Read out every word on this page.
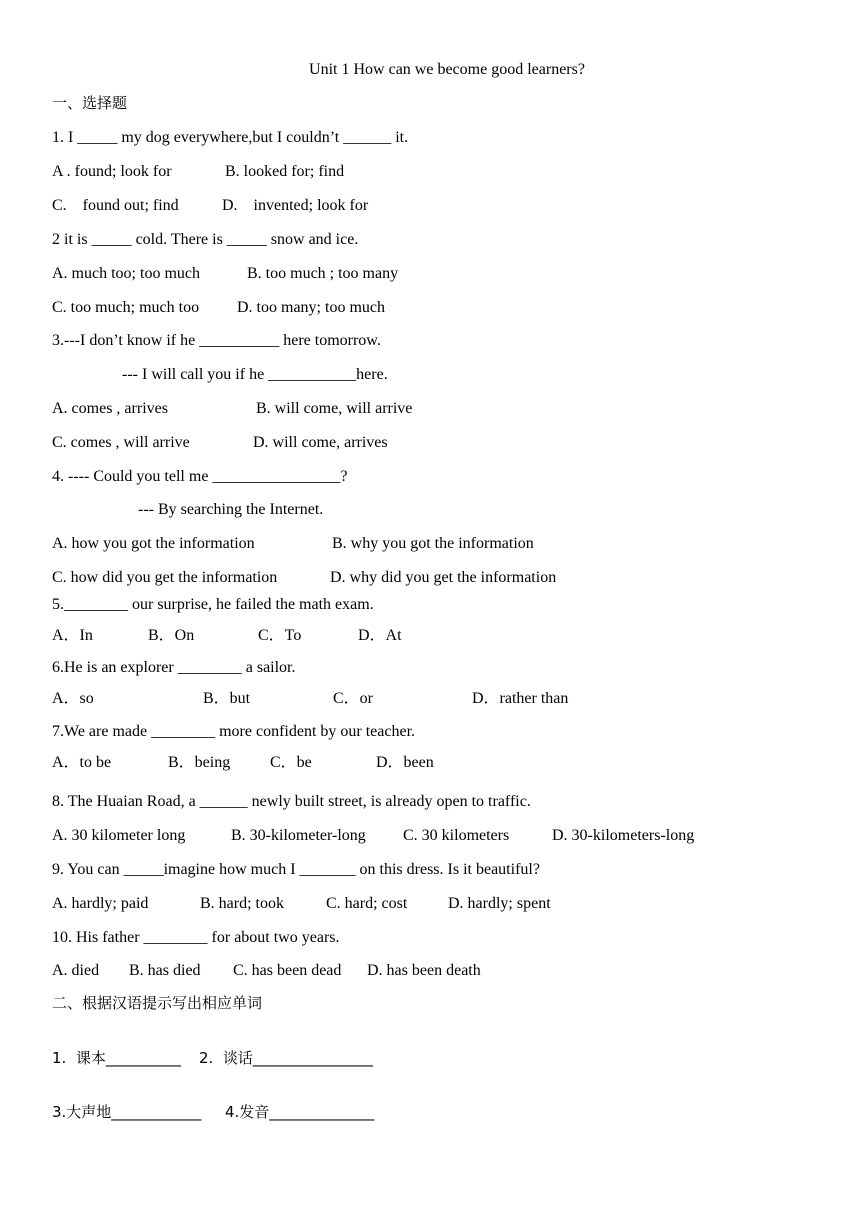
Unit 1 How can we become good learners?
一、选择题
1. I _____ my dog everywhere,but I couldn’t ______ it.
A . found; look for	B. looked for; find
C.    found out; find	D.    invented; look for
2 it is _____ cold. There is _____ snow and ice.
A. much too; too much	B. too much ; too many
C. too much; much too D. too many; too much
3.---I don’t know if he __________ here tomorrow.
--- I will call you if he ___________here.
A. comes , arrives	B. will come, will arrive
C. comes , will arrive	D. will come, arrives
4. ---- Could you tell me ________________?
--- By searching the Internet.
A. how you got the information	B. why you got the information
C. how did you get the information	D. why did you get the information
5.________ our surprise, he failed the math exam.
A．In	B．On	C．To	D．At
6.He is an explorer ________ a sailor.
A．so	B．but	C．or	D．rather than
7.We are made ________ more confident by our teacher.
A．to be	B．being C．be	D．been
8. The Huaian Road, a ______ newly built street, is already open to traffic.
A. 30 kilometer long	B. 30-kilometer-long C. 30 kilometers	D. 30-kilometers-long
9. You can _____imagine how much I _______ on this dress. Is it beautiful?
A. hardly; paid	B. hard; took	C. hard; cost	D. hardly; spent
10. His father ________ for about two years.
A. died B. has died C. has been dead D. has been death
二、根据汉语提示写出相应单词
1.  课本__________ 2.  谈话________________
3.大声地____________ 4.发音______________
